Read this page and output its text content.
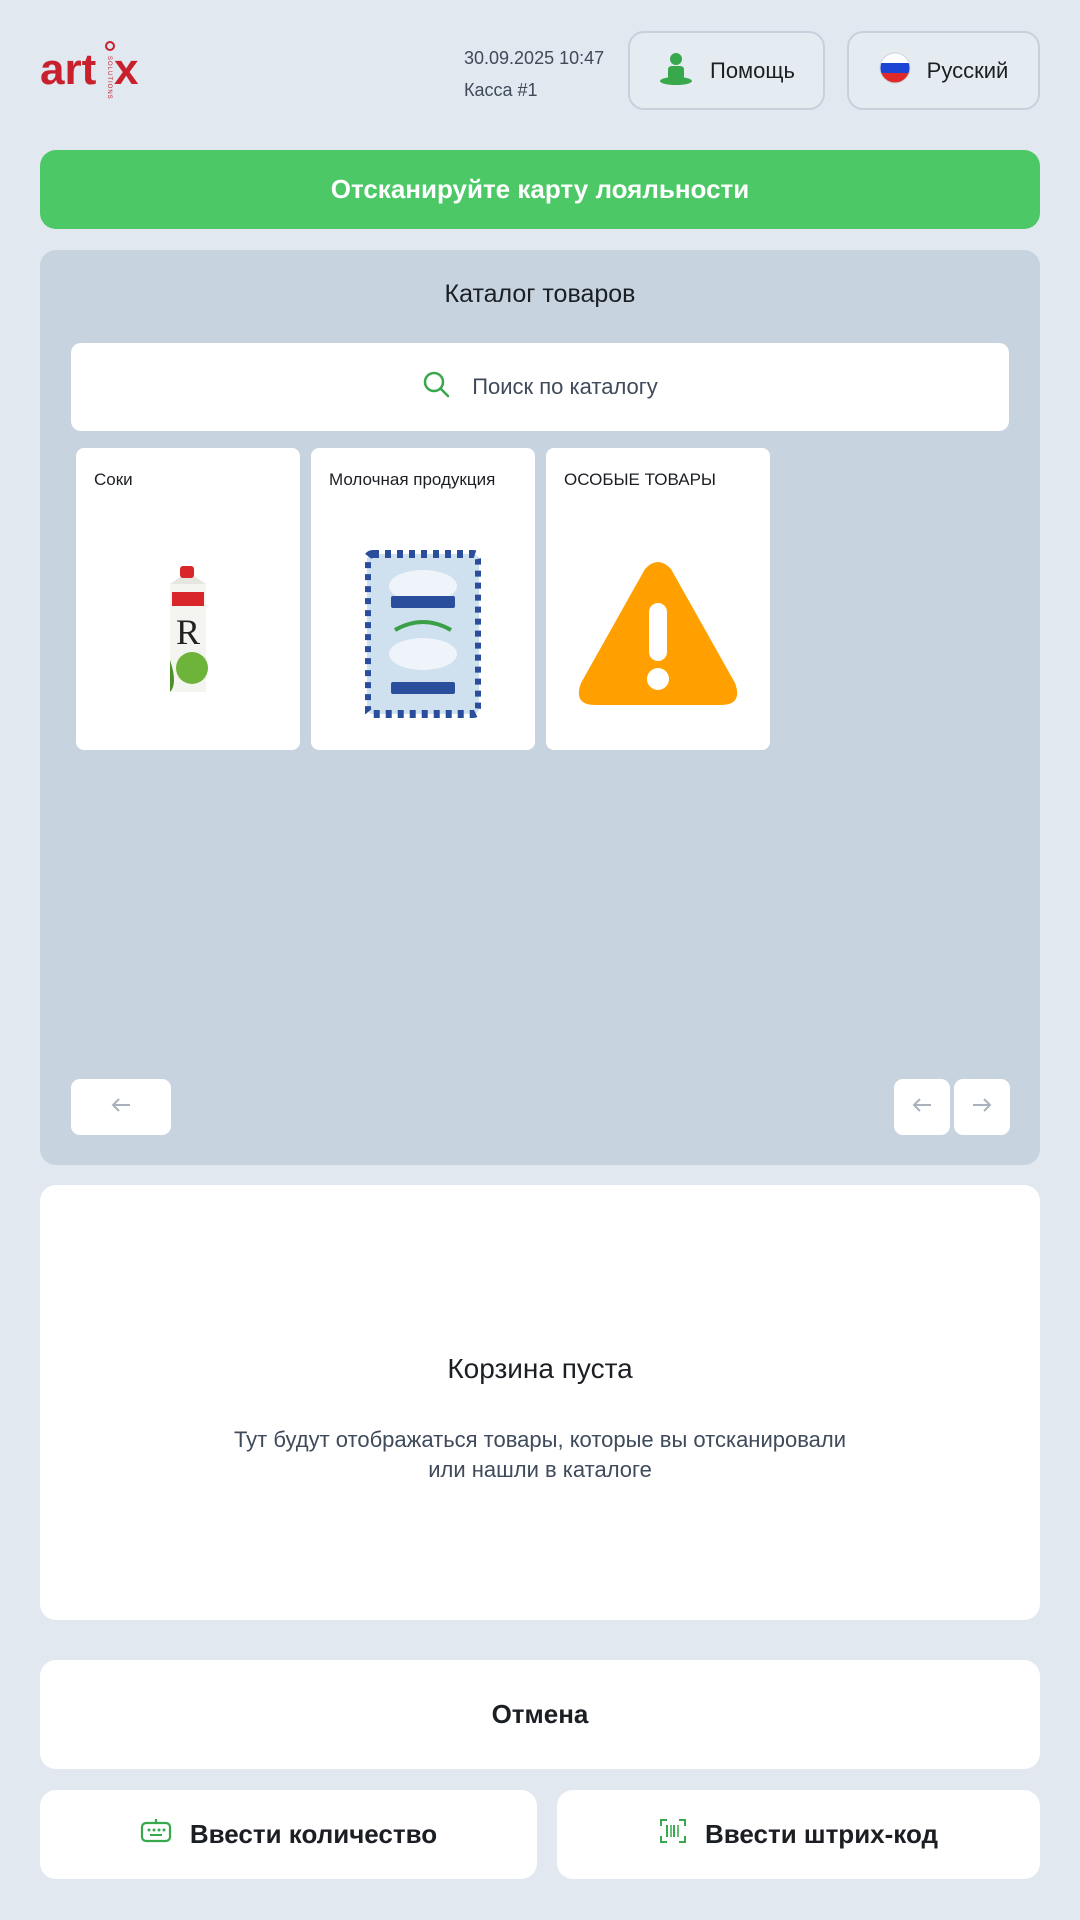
art x
SOLUTIONS	30.09.2025 10:47
Касса #1
Помощь	Русский
Отсканируйте карту лояльности
Каталог товаров
Поиск по каталогу
Соки
R
Молочная продукция	ОСОБЫЕ ТОВАРЫ
Корзина пуста
Тут будут отображаться товары, которые вы отсканировали
или нашли в каталоге
Отмена
Ввести количество	Ввести штрих-код
